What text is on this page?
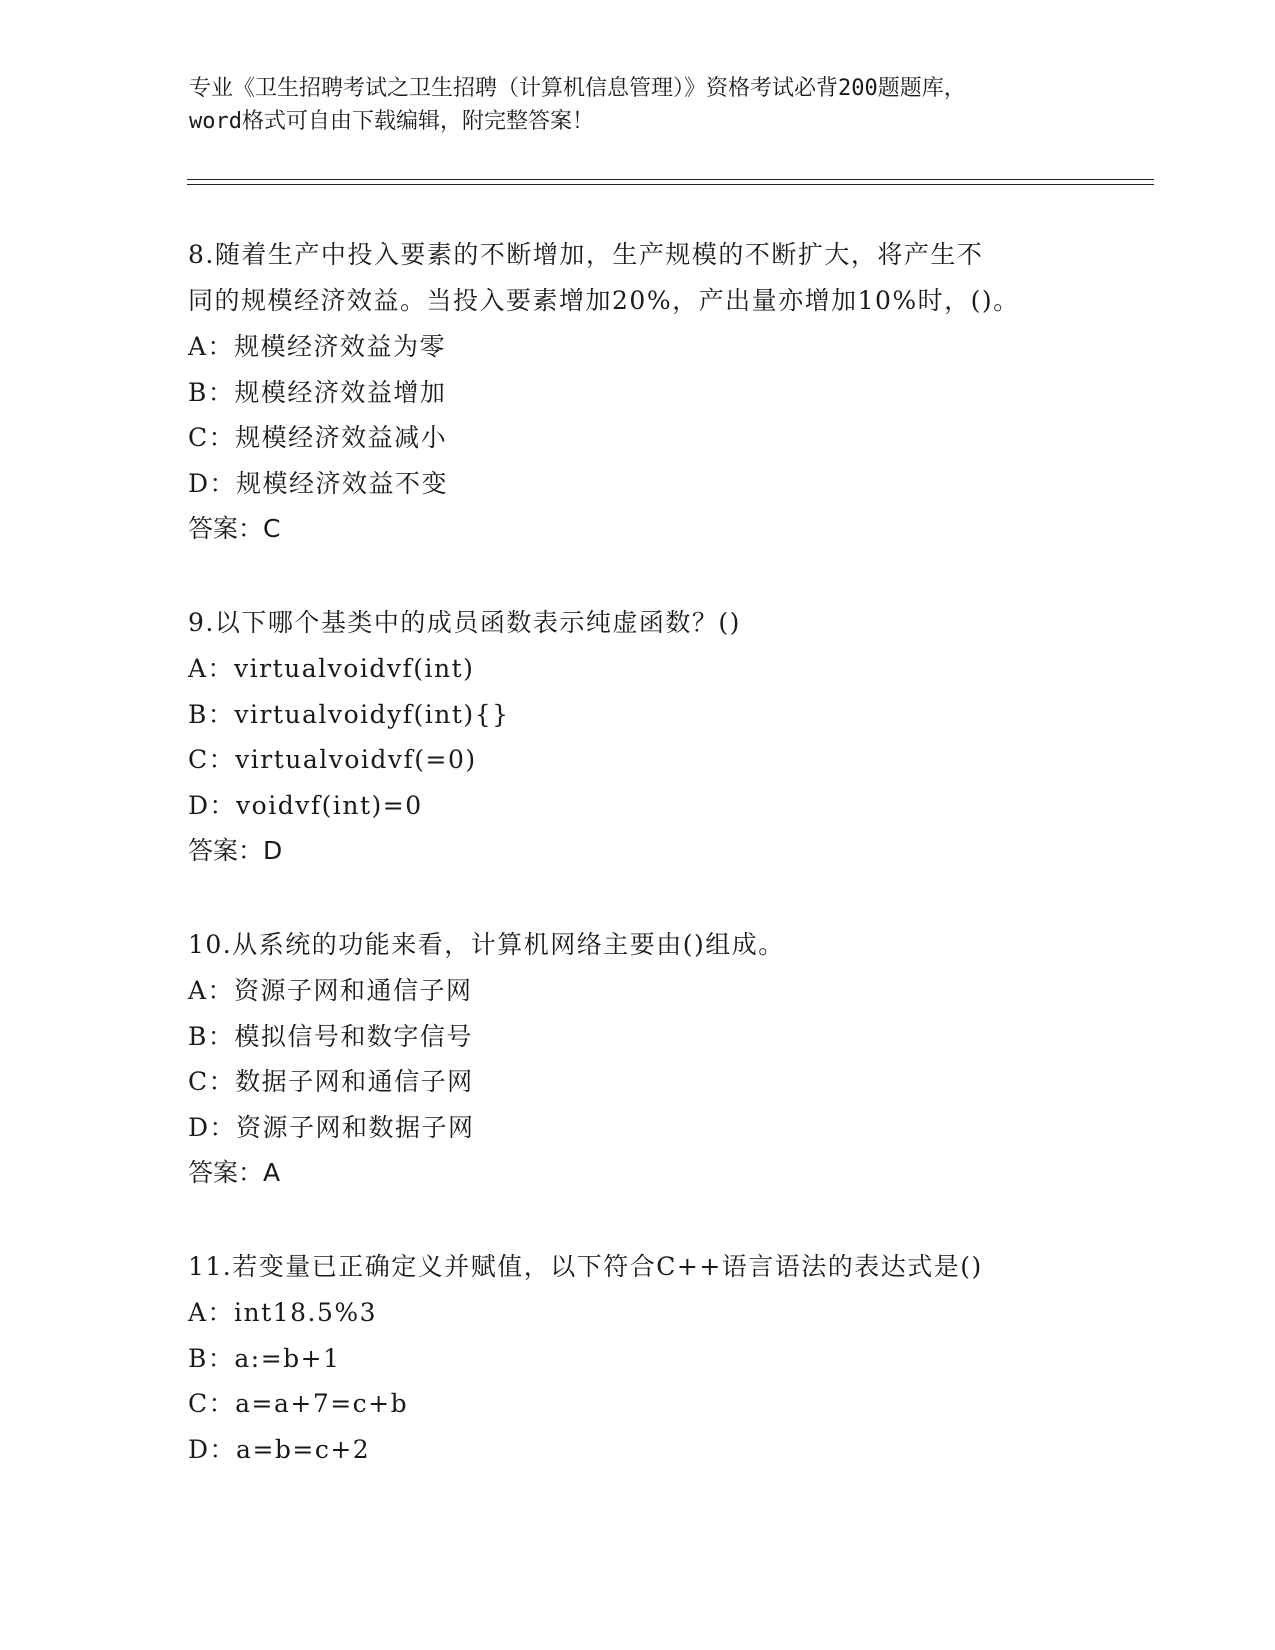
专业《卫生招聘考试之卫生招聘（计算机信息管理）》资格考试必背200题题库，
word格式可自由下载编辑，附完整答案！
8.随着生产中投入要素的不断增加，生产规模的不断扩大，将产生不
同的规模经济效益。当投入要素增加20%，产出量亦增加10%时，()。
A：规模经济效益为零
B：规模经济效益增加
C：规模经济效益减小
D：规模经济效益不变
答案：C
9.以下哪个基类中的成员函数表示纯虚函数？()
A：virtualvoidvf(int)
B：virtualvoidyf(int){}
C：virtualvoidvf(=0)
D：voidvf(int)=0
答案：D
10.从系统的功能来看，计算机网络主要由()组成。
A：资源子网和通信子网
B：模拟信号和数字信号
C：数据子网和通信子网
D：资源子网和数据子网
答案：A
11.若变量已正确定义并赋值，以下符合C++语言语法的表达式是()
A：int18.5%3
B：a:=b+1
C：a=a+7=c+b
D：a=b=c+2
